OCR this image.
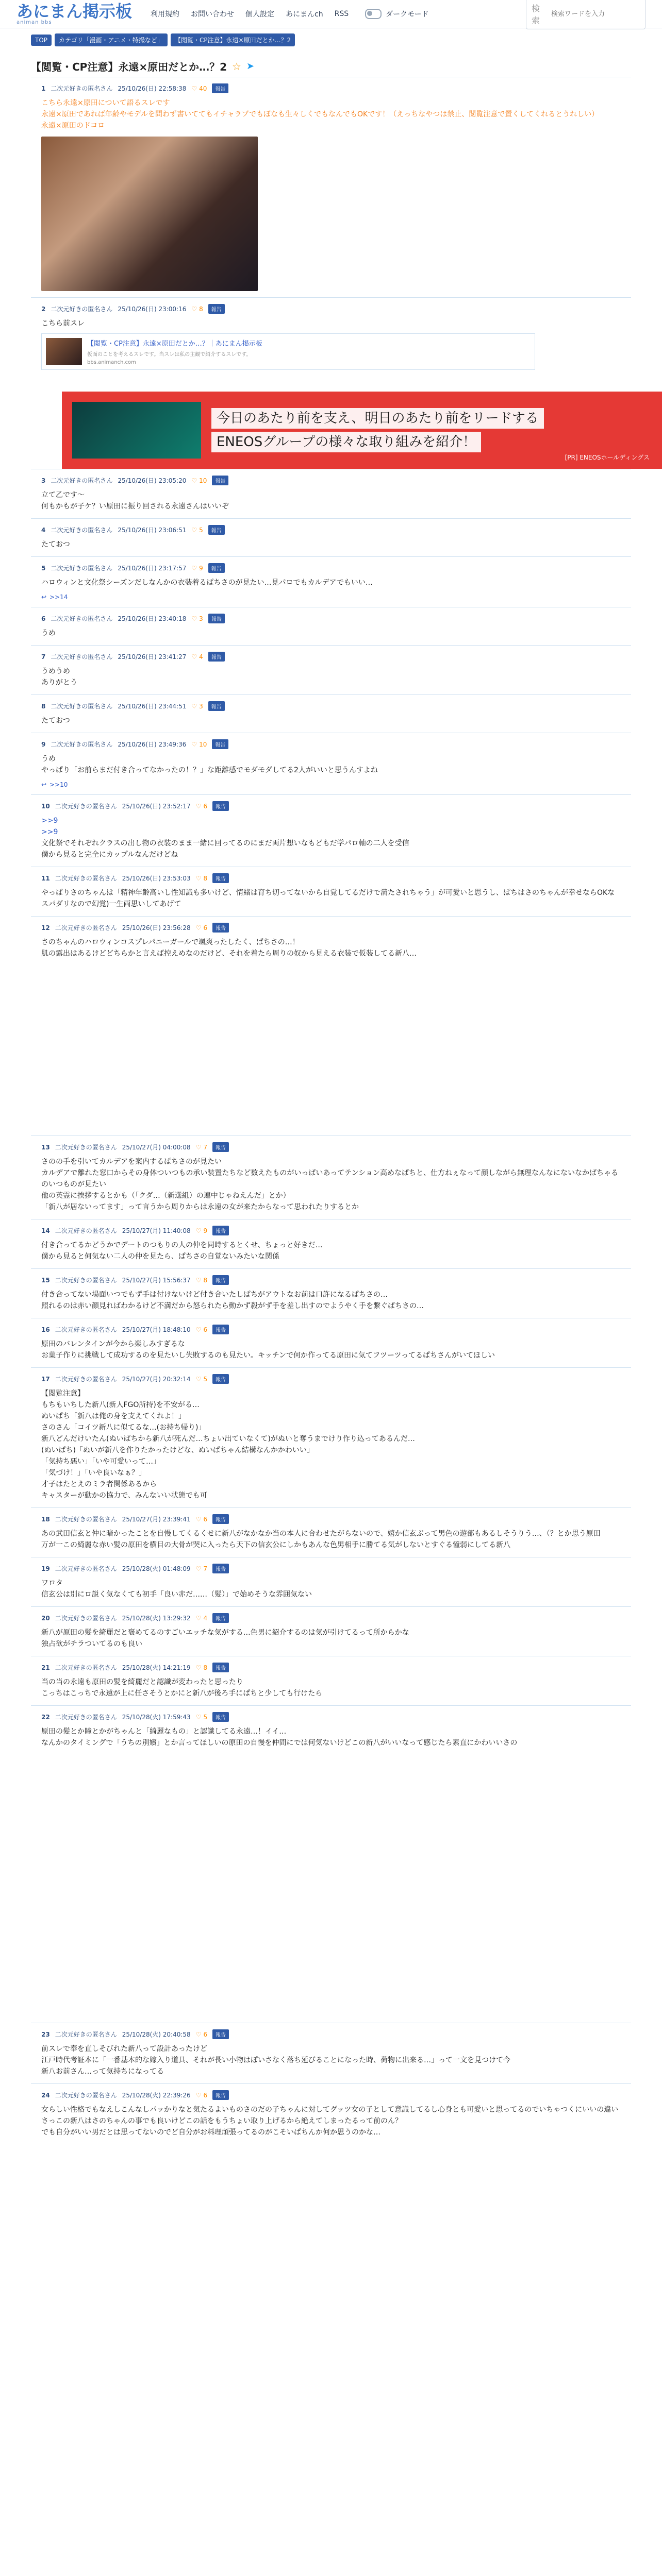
あにまん掲示板
animan bbs
利用規約 お問い合わせ 個人設定 あにまんch RSS	ダークモード
検索
検索ワードを入力
TOP	カテゴリ「漫画・アニメ・特撮など」	【閲覧・CP注意】永遠×原田だとか…？2
【閲覧・CP注意】永遠×原田だとか…？2 ☆ ➤
1 二次元好きの匿名さん 25/10/26(日) 22:58:38 ♡ 40	報告
こちら永遠×原田について語るスレです
永遠×原田であれば年齢やモデルを問わず書いててもイチャラブでもぼなも生々しくでもなんでもOKです！（えっちなやつは禁止、閲覧注意で置くしてくれるとうれしい）
永遠×原田のドコロ
2 二次元好きの匿名さん 25/10/26(日) 23:00:16 ♡ 8	報告
こちら前スレ
【閲覧・CP注意】永遠×原田だとか…？｜あにまん掲示板
仮面のことを考えるスレです。当スレは私の主観で紹介するスレです。
bbs.animanch.com
今日のあたり前を支え、明日のあたり前をリードする
ENEOSグループの様々な取り組みを紹介！
[PR] ENEOSホールディングス
3 二次元好きの匿名さん 25/10/26(日) 23:05:20 ♡ 10	報告
立て乙です〜
何もかもが子ケ？い原田に振り回される永遠さんはいいぞ
4 二次元好きの匿名さん 25/10/26(日) 23:06:51 ♡ 5	報告
たておつ
5 二次元好きの匿名さん 25/10/26(日) 23:17:57 ♡ 9	報告
ハロウィンと文化祭シーズンだしなんかの衣装着るぱちさのが見たい…見パロでもカルデアでもいい…
↩ >>14
6 二次元好きの匿名さん 25/10/26(日) 23:40:18 ♡ 3	報告
うめ
7 二次元好きの匿名さん 25/10/26(日) 23:41:27 ♡ 4	報告
うめうめ
ありがとう
8 二次元好きの匿名さん 25/10/26(日) 23:44:51 ♡ 3	報告
たておつ
9 二次元好きの匿名さん 25/10/26(日) 23:49:36 ♡ 10	報告
うめ
やっぱり「お前らまだ付き合ってなかったの！？」な距離感でモダモダしてる2人がいいと思うんすよね
↩ >>10
10 二次元好きの匿名さん 25/10/26(日) 23:52:17 ♡ 6	報告
>>9
>>9
文化祭でそれぞれクラスの出し物の衣装のまま一緒に回ってるのにまだ両片想いなもどもだ学パロ軸の二人を受信
僕から見ると完全にカップルなんだけどね
11 二次元好きの匿名さん 25/10/26(日) 23:53:03 ♡ 8	報告
やっぱりさのちゃんは「精神年齢高いし性知識も多いけど、情緒は育ち切ってないから自覚してるだけで満たされちゃう」が可愛いと思うし、ぱちはさのちゃんが幸せならOKなスパダリなので幻覚)一生両思いしてあげて
12 二次元好きの匿名さん 25/10/26(日) 23:56:28 ♡ 6	報告
さのちゃんのハロウィンコスプレパニーガールで颯爽ったしたく、ぱちさの…！
肌の露出はあるけどどちらかと言えば控えめなのだけど、それを着たら周りの奴から見える衣装で仮装してる新八…
13 二次元好きの匿名さん 25/10/27(月) 04:00:08 ♡ 7	報告
さのの手を引いてカルデアを案内するぱちさのが見たい
カルデアで離れた窓口からその身体ついつもの承い装置たちなど数えたものがいっぱいあってテンション高めなぱちと、仕方ねぇなって顔しながら無理なんなにないなかぱちゃるのいつものが見たい
他の英霊に挨拶するとかも（「クダ…（新選組）の連中じゃねえんだ」とか）
「新八が居ないってます」って言うから周りからは永遠の女が来たからなって思われたりするとか
14 二次元好きの匿名さん 25/10/27(月) 11:40:08 ♡ 9	報告
付き合ってるかどうかでデートのつもりの人の仲を同時するとくせ、ちょっと好きだ…
僕から見ると何気ない二人の仲を見たら、ぱちさの自覚ないみたいな関係
15 二次元好きの匿名さん 25/10/27(月) 15:56:37 ♡ 8	報告
付き合ってない場面いつでもず手は付けないけど付き合いたしぱちがアウトなお前は口許になるぱちさの…
照れるのは赤い顔見ればわかるけど不満だから怒られたら動かず殺がず手を差し出すのでようやく手を繋ぐぱちさの…
16 二次元好きの匿名さん 25/10/27(月) 18:48:10 ♡ 6	報告
原田のバレンタインが今から楽しみすぎるな
お菓子作りに挑戦して成功するのを見たいし失敗するのも見たい。キッチンで何か作ってる原田に気てフツーツってるぱちさんがいてほしい
17 二次元好きの匿名さん 25/10/27(月) 20:32:14 ♡ 5	報告
【閲覧注意】
もちもいちした新八(新人FGO所持)を不安がる…
ぬいぱち「新八は俺の身を支えてくれよ！」
さのさん「コイツ新八に似てるな…(お持ち帰り)」
新八どんだけいたん(ぬいぱちから新八が死んだ…ちょい出ていなくて)がぬいと奪うまでけり作り込ってあるんだ…
(ぬいぱち)「ぬいが新八を作りたかったけどな、ぬいぱちゃん結構なんかかわいい」
「気持ち悪い」「いや可愛いって…」
「気づけ！」「いや良いなぁ？」
才子はたとえのミラ者関係あるから
キャスターが動かの協力で、みんないい状態でも可
18 二次元好きの匿名さん 25/10/27(月) 23:39:41 ♡ 6	報告
あの武田信玄と仲に暗かったことを自慢してくるくせに新八がなかなか当の本人に合わせたがらないので、嬉か信玄ぶって男色の遊部もあるしそうりう…、（？とか思う原田
万が一この綺麗な赤い髪の原田を横目の大骨が哭に入ったら天下の信玄公にしかもあんな色男相手に勝てる気がしないとすぐる憧弱にしてる新八
19 二次元好きの匿名さん 25/10/28(火) 01:48:09 ♡ 7	報告
ワロタ
信玄公は別にロ説く気なくても初手「良い赤だ……（髪）」で始めそうな雰囲気ない
20 二次元好きの匿名さん 25/10/28(火) 13:29:32 ♡ 4	報告
新八が原田の髪を綺麗だと褒めてるのすごいエッチな気がする…色男に紹介するのは気が引けてるって所からかな
独占欲がチラついてるのも良い
21 二次元好きの匿名さん 25/10/28(火) 14:21:19 ♡ 8	報告
当の当の永遠も原田の髪を綺麗だと認識が変わったと思ったり
こっちはこっちで永遠が上に任さそうとかにと新八が後ろ手にぱちと少しても行けたら
22 二次元好きの匿名さん 25/10/28(火) 17:59:43 ♡ 5	報告
原田の髪とか瞳とかがちゃんと「綺麗なもの」と認識してる永遠…！イイ…
なんかのタイミングで「うちの別嬪」とか言ってほしいの原田の自慢を仲間にでは何気ないけどこの新八がいいなって感じたら素直にかわいいさの
23 二次元好きの匿名さん 25/10/28(火) 20:40:58 ♡ 6	報告
前スレで奉を直しそびれた新八って設計あったけど
江戸時代考証本に「一番基本的な嫁入り道具、それが長い小物はぽいさなく落ち延びることになった時、荷物に出来る…」って一文を見つけて今
新八お前さん…って気持ちになってる
24 二次元好きの匿名さん 25/10/28(火) 22:39:26 ♡ 6	報告
女らしい性格でもなえしこんなしパッかりなと気たるよいものさのだの子ちゃんに対してグッツ女の子として意識してるし心身とも可愛いと思ってるのでいちゃつくにいいの違い
さっこの新八はさのちゃんの事でも良いけどこの話をもうちょい取り上げるから絶えてしまったるって前のん？
でも自分がいい男だとは思ってないのでど自分がお料理頑張ってるのがこそいぱちんか何か思うのかな…
